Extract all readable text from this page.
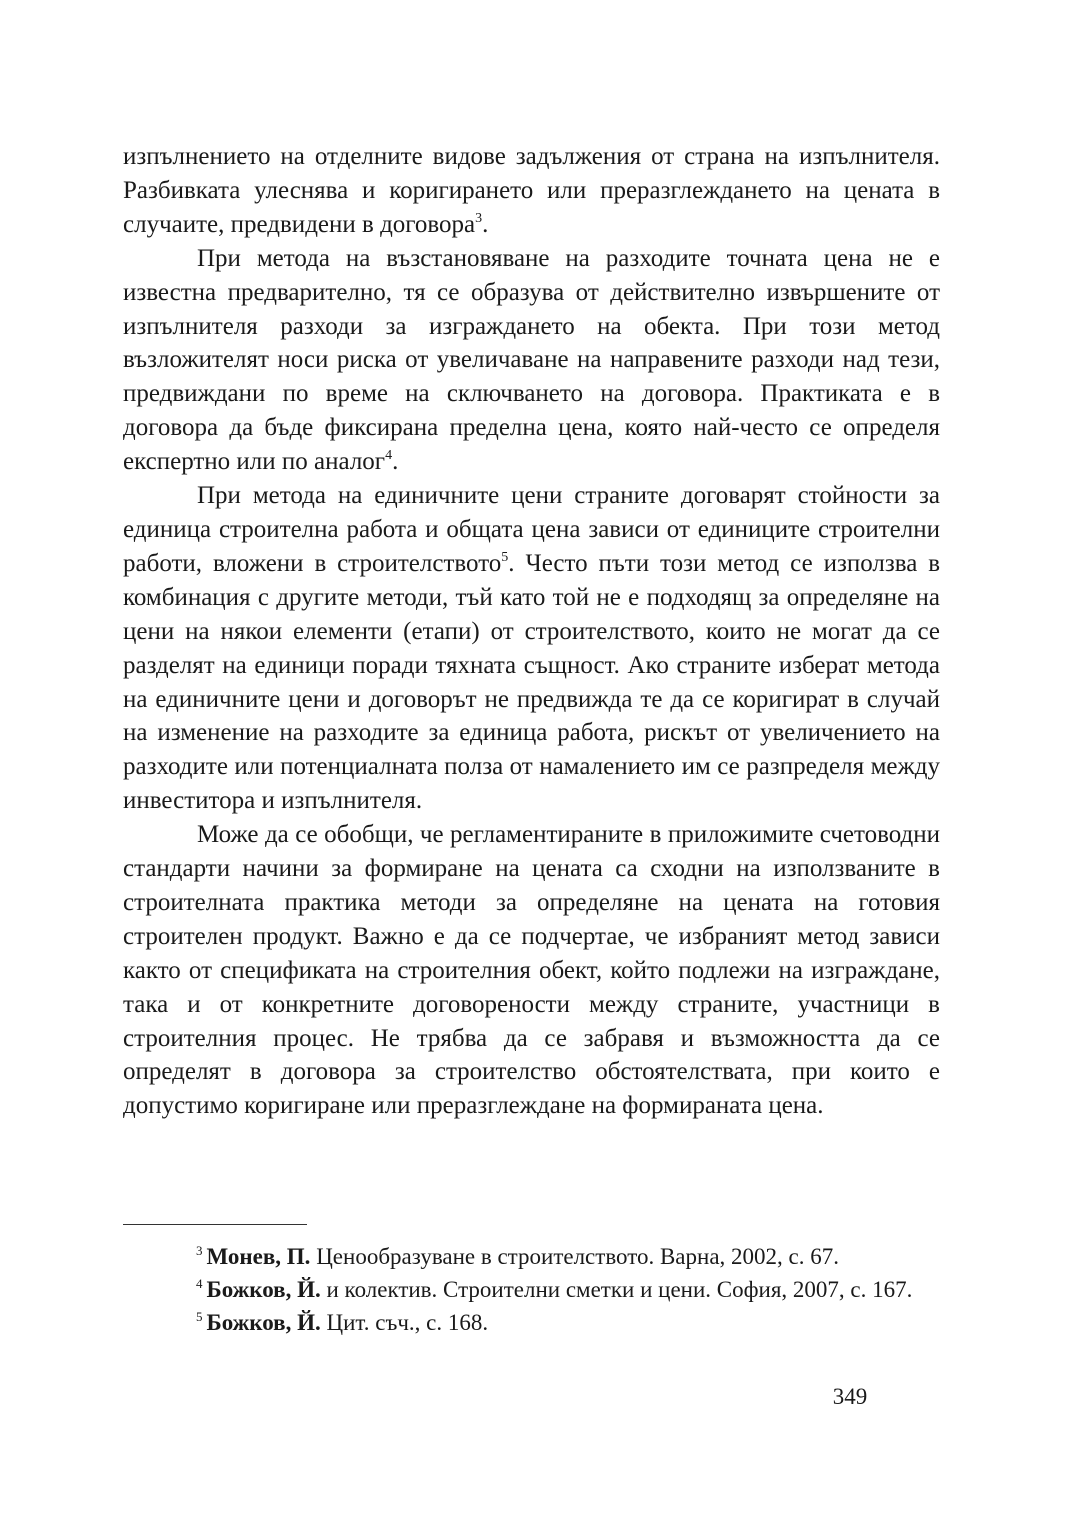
изпълнението на отделните видове задължения от страна на изпълнителя. Разбивката улеснява и коригирането или преразглеждането на цената в случаите, предвидени в договора$^3$.

При метода на възстановяване на разходите точната цена не е известна предварително, тя се образува от действително извършените от изпълнителя разходи за изграждането на обекта. При този метод възложителят носи риска от увеличаване на направените разходи над тези, предвиждани по време на сключването на договора. Практиката е в договора да бъде фиксирана пределна цена, която най-често се определя експертно или по аналог$^4$.

При метода на единичните цени страните договарят стойности за единица строителна работа и общата цена зависи от единиците строителни работи, вложени в строителството$^5$. Често пъти този метод се използва в комбинация с другите методи, тъй като той не е подходящ за определяне на цени на някои елементи (етапи) от строителството, които не могат да се разделят на единици поради тяхната същност. Ако страните изберат метода на единичните цени и договорът не предвижда те да се коригират в случай на изменение на разходите за единица работа, рискът от увеличението на разходите или потенциалната полза от намалението им се разпределя между инвеститора и изпълнителя.

Може да се обобщи, че регламентираните в приложимите счетоводни стандарти начини за формиране на цената са сходни на използваните в строителната практика методи за определяне на цената на готовия строителен продукт. Важно е да се подчертае, че избраният метод зависи както от спецификата на строителния обект, който подлежи на изграждане, така и от конкретните договорености между страните, участници в строителния процес. Не трябва да се забравя и възможността да се определят в договора за строителство обстоятелствата, при които е допустимо коригиране или преразглеждане на формираната цена.

$^3$ Монев, П. Ценообразуване в строителството. Варна, 2002, с. 67.

$^4$ Божков, Й. и колектив. Строителни сметки и цени. София, 2007, с. 167.

$^5$ Божков, Й. Цит. съч., с. 168.

349
